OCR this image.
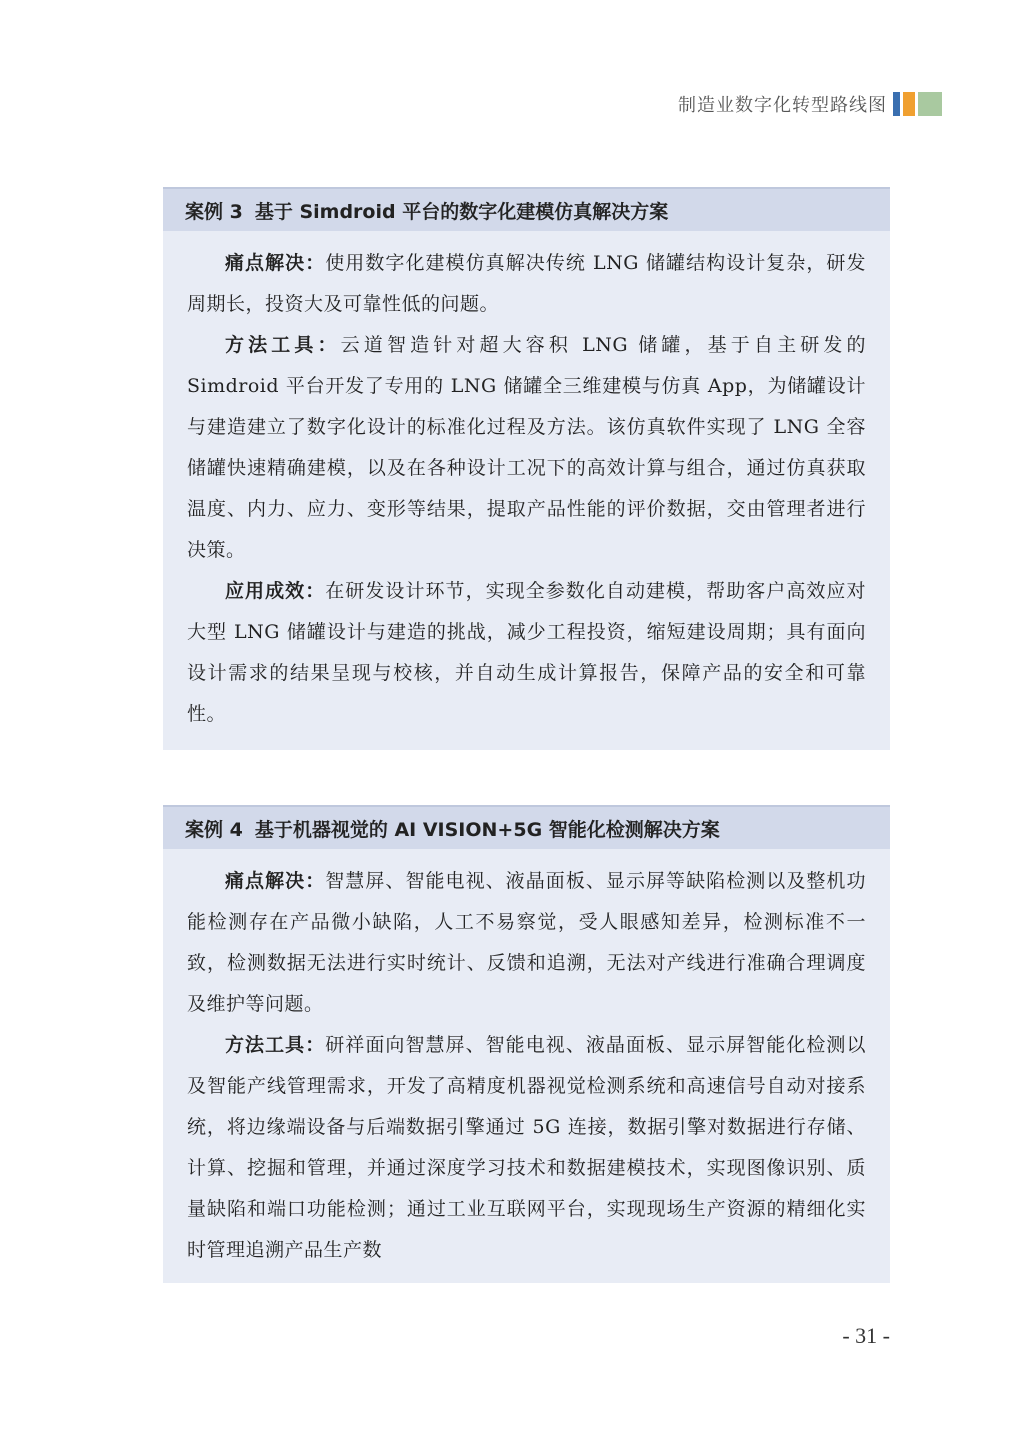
制造业数字化转型路线图
案例 3 基于 Simdroid 平台的数字化建模仿真解决方案

痛点解决：使用数字化建模仿真解决传统 LNG 储罐结构设计复杂，研发周期长，投资大及可靠性低的问题。

方法工具：云道智造针对超大容积 LNG 储罐，基于自主研发的 Simdroid 平台开发了专用的 LNG 储罐全三维建模与仿真 App，为储罐设计与建造建立了数字化设计的标准化过程及方法。该仿真软件实现了 LNG 全容储罐快速精确建模，以及在各种设计工况下的高效计算与组合，通过仿真获取温度、内力、应力、变形等结果，提取产品性能的评价数据，交由管理者进行决策。

应用成效：在研发设计环节，实现全参数化自动建模，帮助客户高效应对大型 LNG 储罐设计与建造的挑战，减少工程投资，缩短建设周期；具有面向设计需求的结果呈现与校核，并自动生成计算报告，保障产品的安全和可靠性。

案例 4 基于机器视觉的 AI VISION+5G 智能化检测解决方案

痛点解决：智慧屏、智能电视、液晶面板、显示屏等缺陷检测以及整机功能检测存在产品微小缺陷，人工不易察觉，受人眼感知差异，检测标准不一致，检测数据无法进行实时统计、反馈和追溯，无法对产线进行准确合理调度及维护等问题。

方法工具：研祥面向智慧屏、智能电视、液晶面板、显示屏智能化检测以及智能产线管理需求，开发了高精度机器视觉检测系统和高速信号自动对接系统，将边缘端设备与后端数据引擎通过 5G 连接，数据引擎对数据进行存储、计算、挖掘和管理，并通过深度学习技术和数据建模技术，实现图像识别、质量缺陷和端口功能检测；通过工业互联网平台，实现现场生产资源的精细化实时管理追溯产品生产数

- 31 -
